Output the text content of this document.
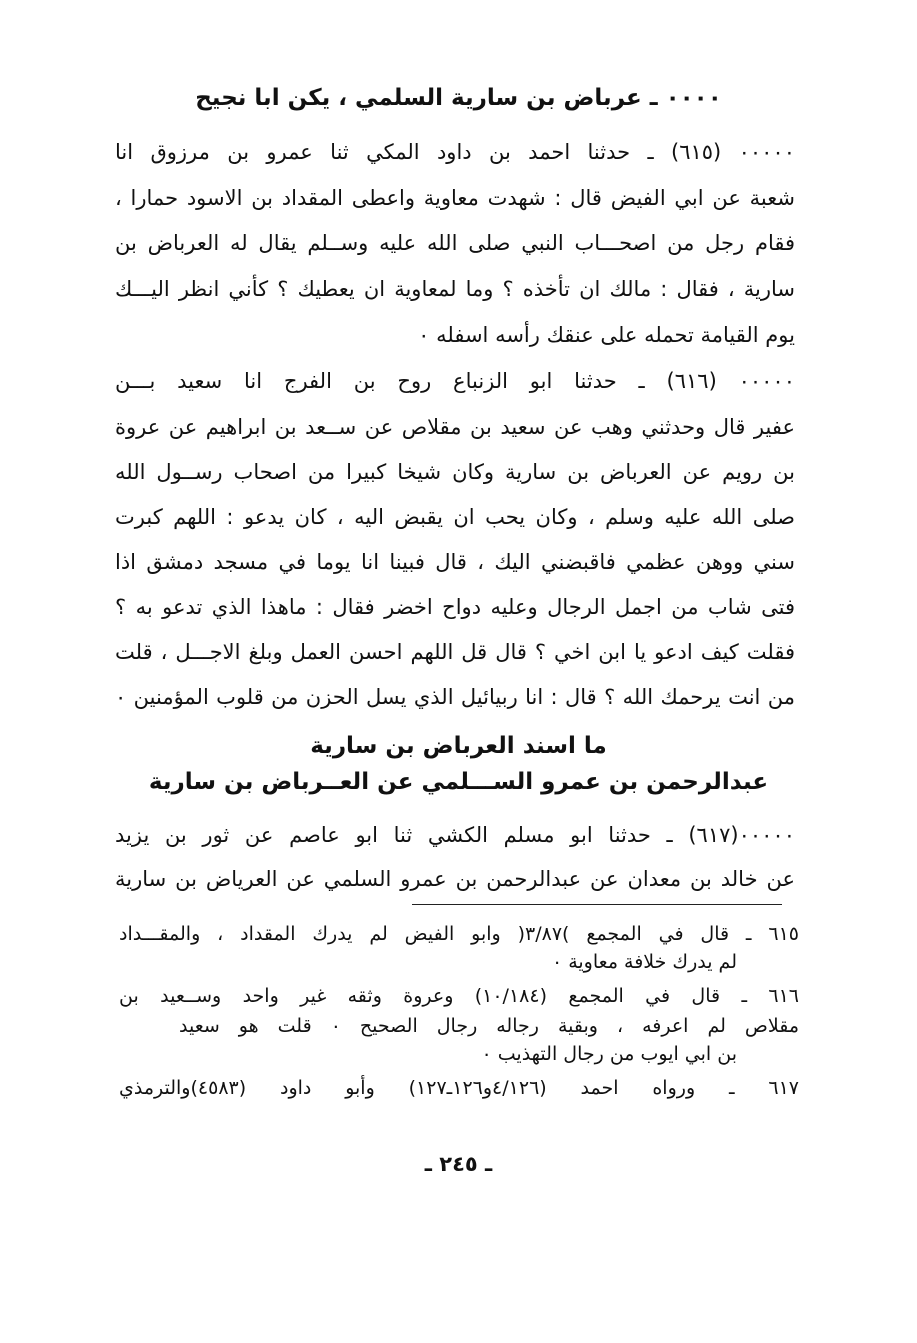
٠٠٠٠ ـ عرباض بن سارية السلمي ، يكن ابا نجيح
٠٠٠٠٠ (٦١٥) ـ حدثنا احمد بن داود المكي ثنا عمرو بن مرزوق انا
شعبة عن ابي الفيض قال : شهدت معاوية واعطى المقداد بن الاسود حمارا ،
فقام رجل من اصحـــاب النبي صلى الله عليه وســلم يقال له العرباض بن
سارية ، فقال : مالك ان تأخذه ؟ وما لمعاوية ان يعطيك ؟ كأني انظر اليـــك
يوم القيامة تحمله على عنقك رأسه اسفله ٠
٠٠٠٠٠ (٦١٦) ـ حدثنا ابو الزنباع روح بن الفرج انا سعيد بـــن
عفير قال وحدثني وهب عن سعيد بن مقلاص عن ســعد بن ابراهيم عن عروة
بن رويم عن العرباض بن سارية وكان شيخا كبيرا من اصحاب رســول الله
صلى الله عليه وسلم ، وكان يحب ان يقبض اليه ، كان يدعو : اللهم كبرت
سني ووهن عظمي فاقبضني اليك ، قال فبينا انا يوما في مسجد دمشق اذا
فتى شاب من اجمل الرجال وعليه دواح اخضر فقال : ماهذا الذي تدعو به ؟
فقلت كيف ادعو يا ابن اخي ؟ قال قل اللهم احسن العمل وبلغ الاجـــل ، قلت
من انت يرحمك الله ؟ قال : انا ربيائيل الذي يسل الحزن من قلوب المؤمنين ٠
ما اسند العرباض بن سارية
عبدالرحمن بن عمرو الســـلمي عن العــرباض بن سارية
٠٠٠٠٠(٦١٧) ـ حدثنا ابو مسلم الكشي ثنا ابو عاصم عن ثور بن يزيد
عن خالد بن معدان عن عبدالرحمن بن عمرو السلمي عن العرياض بن سارية
٦١٥ ـ قال في المجمع )٣/٨٧( وابو الفيض لم يدرك المقداد ، والمقـــداد
لم يدرك خلافة معاوية ٠
٦١٦ ـ قال في المجمع (١٠/١٨٤) وعروة وثقه غير واحد وســعيد بن
مقلاص لم اعرفه ، وبقية رجاله رجال الصحيح ٠ قلت هو سعيد
بن ابي ايوب من رجال التهذيب ٠
٦١٧ ـ ورواه احمد (٤/١٢٦و١٢٦ـ١٢٧) وأبو داود (٤٥٨٣)والترمذي
ـ ٢٤٥ ـ
